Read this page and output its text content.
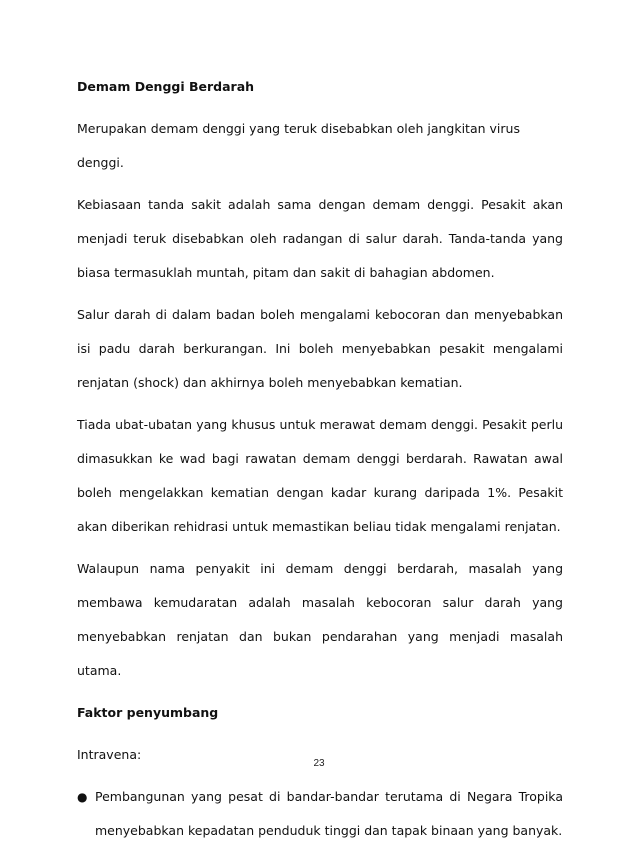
Demam Denggi Berdarah

Merupakan demam denggi yang teruk disebabkan oleh jangkitan virus denggi.

Kebiasaan tanda sakit adalah sama dengan demam denggi. Pesakit akan menjadi teruk disebabkan oleh radangan di salur darah. Tanda-tanda yang biasa termasuklah muntah, pitam dan sakit di bahagian abdomen.

Salur darah di dalam badan boleh mengalami kebocoran dan menyebabkan isi padu darah berkurangan. Ini boleh menyebabkan pesakit mengalami renjatan (shock) dan akhirnya boleh menyebabkan kematian.

Tiada ubat-ubatan yang khusus untuk merawat demam denggi. Pesakit perlu dimasukkan ke wad bagi rawatan demam denggi berdarah. Rawatan awal boleh mengelakkan kematian dengan kadar kurang daripada 1%. Pesakit akan diberikan rehidrasi untuk memastikan beliau tidak mengalami renjatan.

Walaupun nama penyakit ini demam denggi berdarah, masalah yang membawa kemudaratan adalah masalah kebocoran salur darah yang menyebabkan renjatan dan bukan pendarahan yang menjadi masalah utama.

Faktor penyumbang

Intravena:

● Pembangunan yang pesat di bandar-bandar terutama di Negara Tropika menyebabkan kepadatan penduduk tinggi dan tapak binaan yang banyak.
23
